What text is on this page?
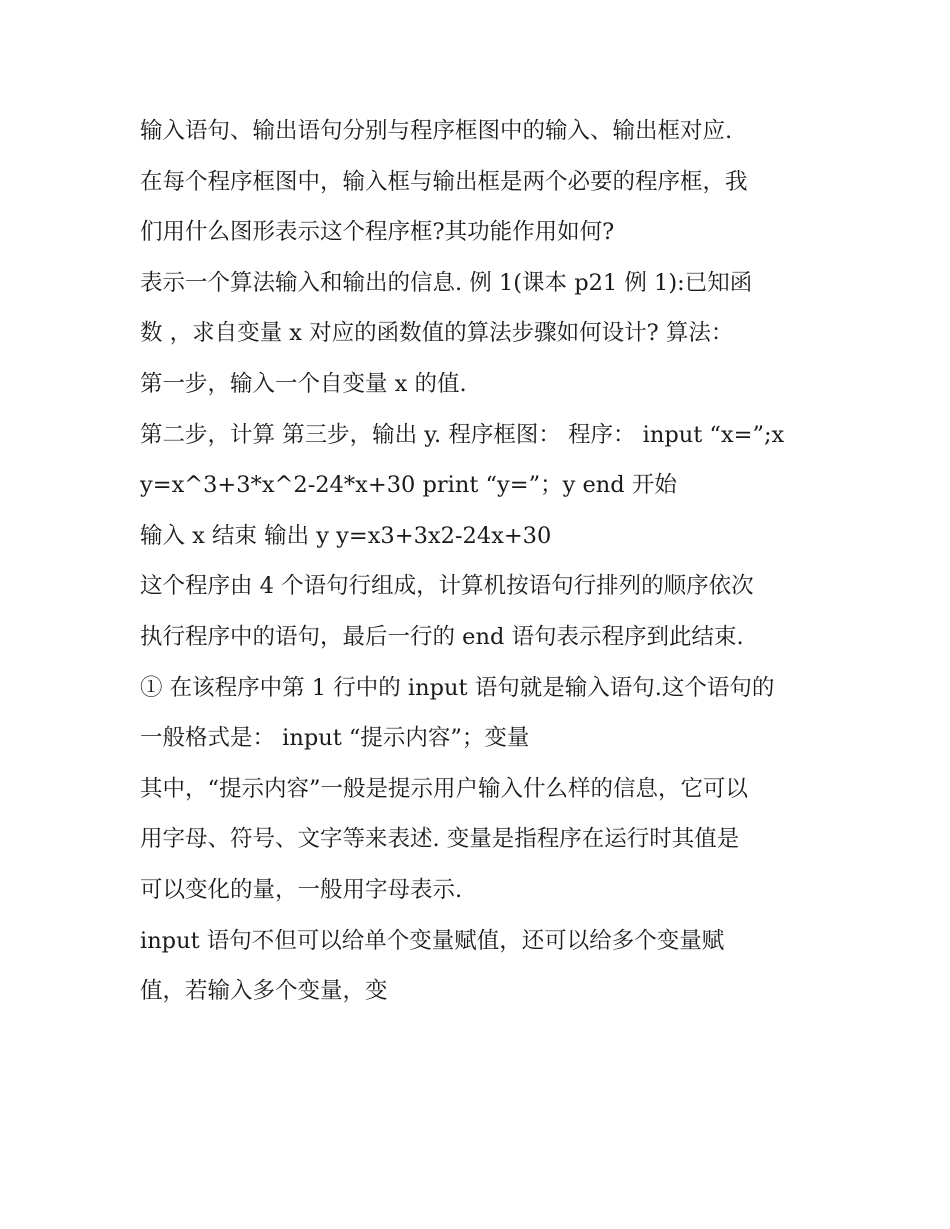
输入语句、输出语句分别与程序框图中的输入、输出框对应.
在每个程序框图中，输入框与输出框是两个必要的程序框，我
们用什么图形表示这个程序框?其功能作用如何?
表示一个算法输入和输出的信息. 例 1(课本 p21 例 1):已知函
数 ，求自变量 x 对应的函数值的算法步骤如何设计? 算法：
第一步，输入一个自变量 x 的值.
第二步，计算 第三步，输出 y. 程序框图： 程序： input “x=”;x
y=x^3+3*x^2-24*x+30 print “y=”；y end 开始
输入 x 结束 输出 y y=x3+3x2-24x+30
这个程序由 4 个语句行组成，计算机按语句行排列的顺序依次
执行程序中的语句，最后一行的 end 语句表示程序到此结束.
① 在该程序中第 1 行中的 input 语句就是输入语句.这个语句的
一般格式是： input “提示内容”；变量
其中，“提示内容”一般是提示用户输入什么样的信息，它可以
用字母、符号、文字等来表述. 变量是指程序在运行时其值是
可以变化的量，一般用字母表示.
input 语句不但可以给单个变量赋值，还可以给多个变量赋
值，若输入多个变量，变
